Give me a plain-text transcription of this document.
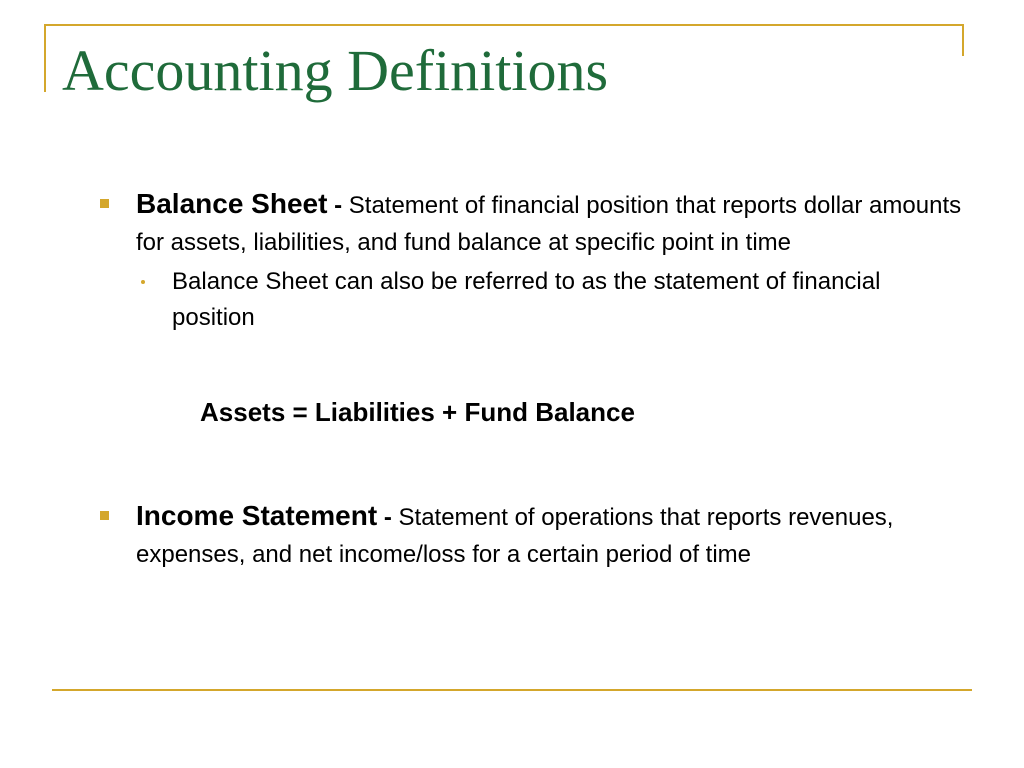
Accounting Definitions
Balance Sheet - Statement of financial position that reports dollar amounts for assets, liabilities, and fund balance at specific point in time
Balance Sheet can also be referred to as the statement of financial position
Assets = Liabilities + Fund Balance
Income Statement - Statement of operations that reports revenues, expenses, and net income/loss for a certain period of time
